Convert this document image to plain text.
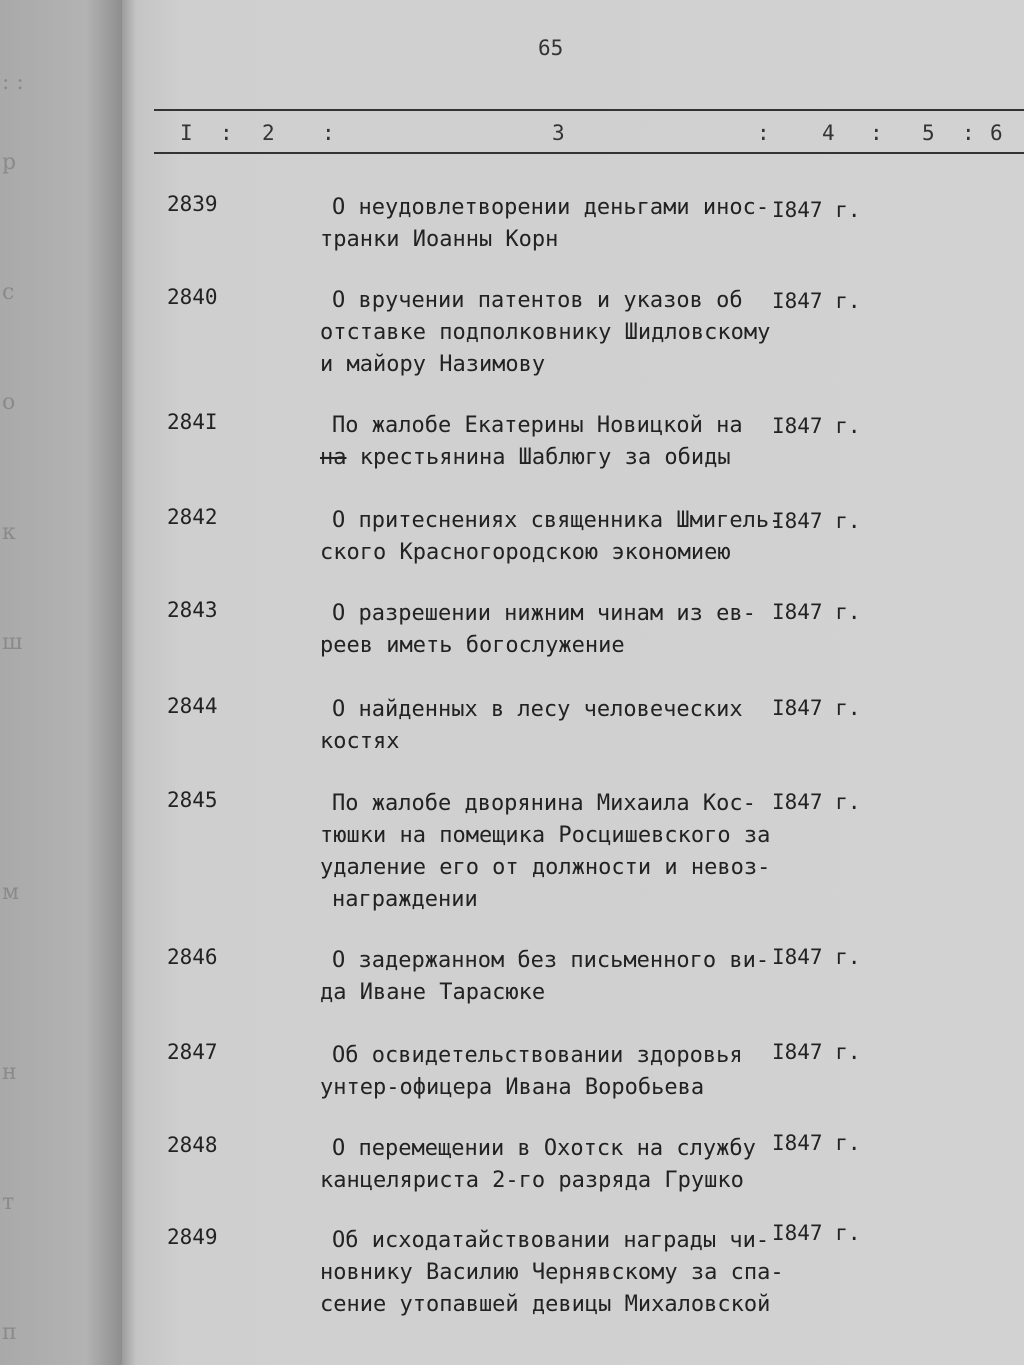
: :
р
с
о
к
ш
м
н
т
п
65
I : 2 :	3	: 4 : 5 : 6
2839	О неудовлетворении деньгами инос-
транки Иоанны Корн
I847 г.
2840	О вручении патентов и указов об
отставке подполковнику Шидловскому
и майору Назимову
I847 г.
284I	По жалобе Екатерины Новицкой на
на крестьянина Шаблюгу за обиды
I847 г.
2842	О притеснениях священника Шмигель-
ского Красногородскою экономиею
I847 г.
2843	О разрешении нижним чинам из ев-
реев иметь богослужение
I847 г.
2844	О найденных в лесу человеческих
костях
I847 г.
2845	По жалобе дворянина Михаила Кос-
тюшки на помещика Росцишевского за
удаление его от должности и невоз-
награждении
I847 г.
2846	О задержанном без письменного ви-
да Иване Тарасюке
I847 г.
2847	Об освидетельствовании здоровья
унтер-офицера Ивана Воробьева
I847 г.
2848	О перемещении в Охотск на службу
канцеляриста 2-го разряда Грушко
I847 г.
2849	Об исходатайствовании награды чи-
новнику Василию Чернявскому за спа-
сение утопавшей девицы Михаловской
I847 г.
